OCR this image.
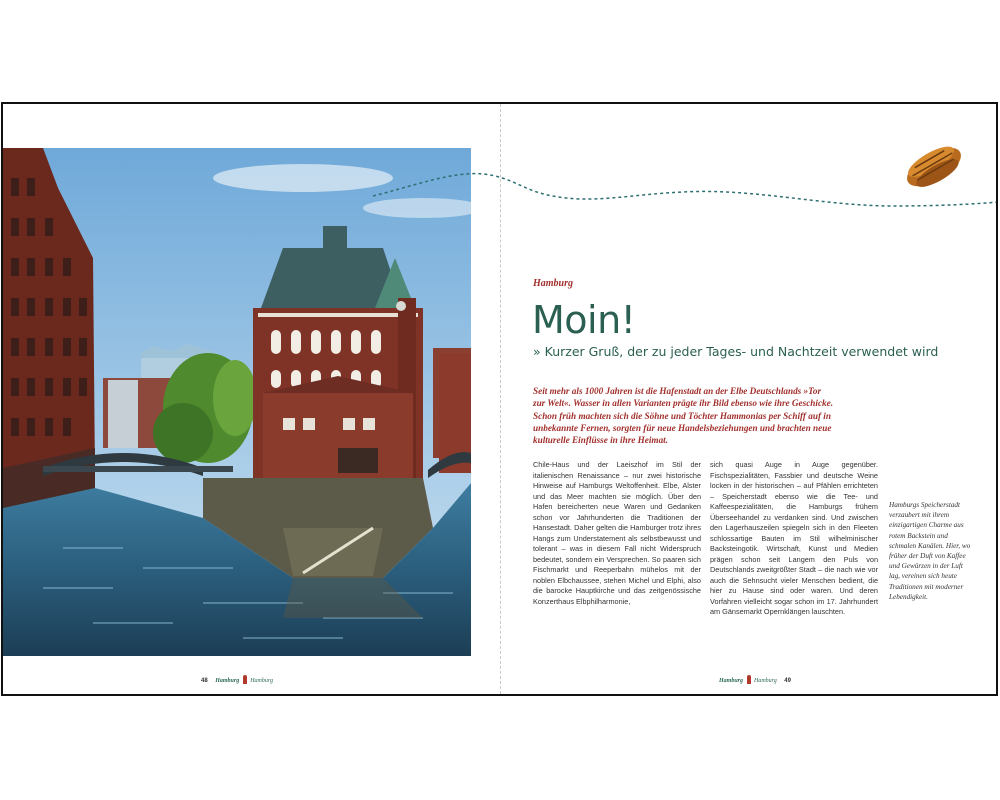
48 Hamburg Hamburg
Hamburg
Moin!
» Kurzer Gruß, der zu jeder Tages- und Nachtzeit verwendet wird
Seit mehr als 1000 Jahren ist die Hafenstadt an der Elbe Deutschlands »Tor zur Welt«. Wasser in allen Varianten prägte ihr Bild ebenso wie ihre Geschicke. Schon früh machten sich die Söhne und Töchter Hammonias per Schiff auf in unbekannte Fernen, sorgten für neue Handelsbeziehungen und brachten neue kulturelle Einflüsse in ihre Heimat.
Chile-Haus und der Laeiszhof im Stil der italienischen Renaissance – nur zwei historische Hinweise auf Hamburgs Weltoffenheit. Elbe, Alster und das Meer machten sie möglich. Über den Hafen bereicherten neue Waren und Gedanken schon vor Jahrhunderten die Traditionen der Hansestadt. Daher gelten die Hamburger trotz ihres Hangs zum Understatement als selbstbewusst und tolerant – was in diesem Fall nicht Widerspruch bedeutet, sondern ein Versprechen. So paaren sich Fischmarkt und Reeperbahn mühelos mit der noblen Elbchaussee, stehen Michel und Elphi, also die barocke Hauptkirche und das zeitgenössische Konzerthaus Elbphilharmonie,
sich quasi Auge in Auge gegenüber. Fischspezialitäten, Fassbier und deutsche Weine locken in der historischen – auf Pfählen errichteten – Speicherstadt ebenso wie die Tee- und Kaffeespezialitäten, die Hamburgs frühem Überseehandel zu verdanken sind. Und zwischen den Lagerhauszeilen spiegeln sich in den Fleeten schlossartige Bauten im Stil wilhelminischer Backsteingotik. Wirtschaft, Kunst und Medien prägen schon seit Langem den Puls von Deutschlands zweitgrößter Stadt – die nach wie vor auch die Sehnsucht vieler Menschen bedient, die hier zu Hause sind oder waren. Und deren Vorfahren vielleicht sogar schon im 17. Jahrhundert am Gänsemarkt Opernklängen lauschten.
Hamburgs Speicherstadt verzaubert mit ihrem einzigartigen Charme aus rotem Backstein und schmalen Kanälen. Hier, wo früher der Duft von Kaffee und Gewürzen in der Luft lag, vereinen sich heute Traditionen mit moderner Lebendigkeit.
Hamburg Hamburg 49
